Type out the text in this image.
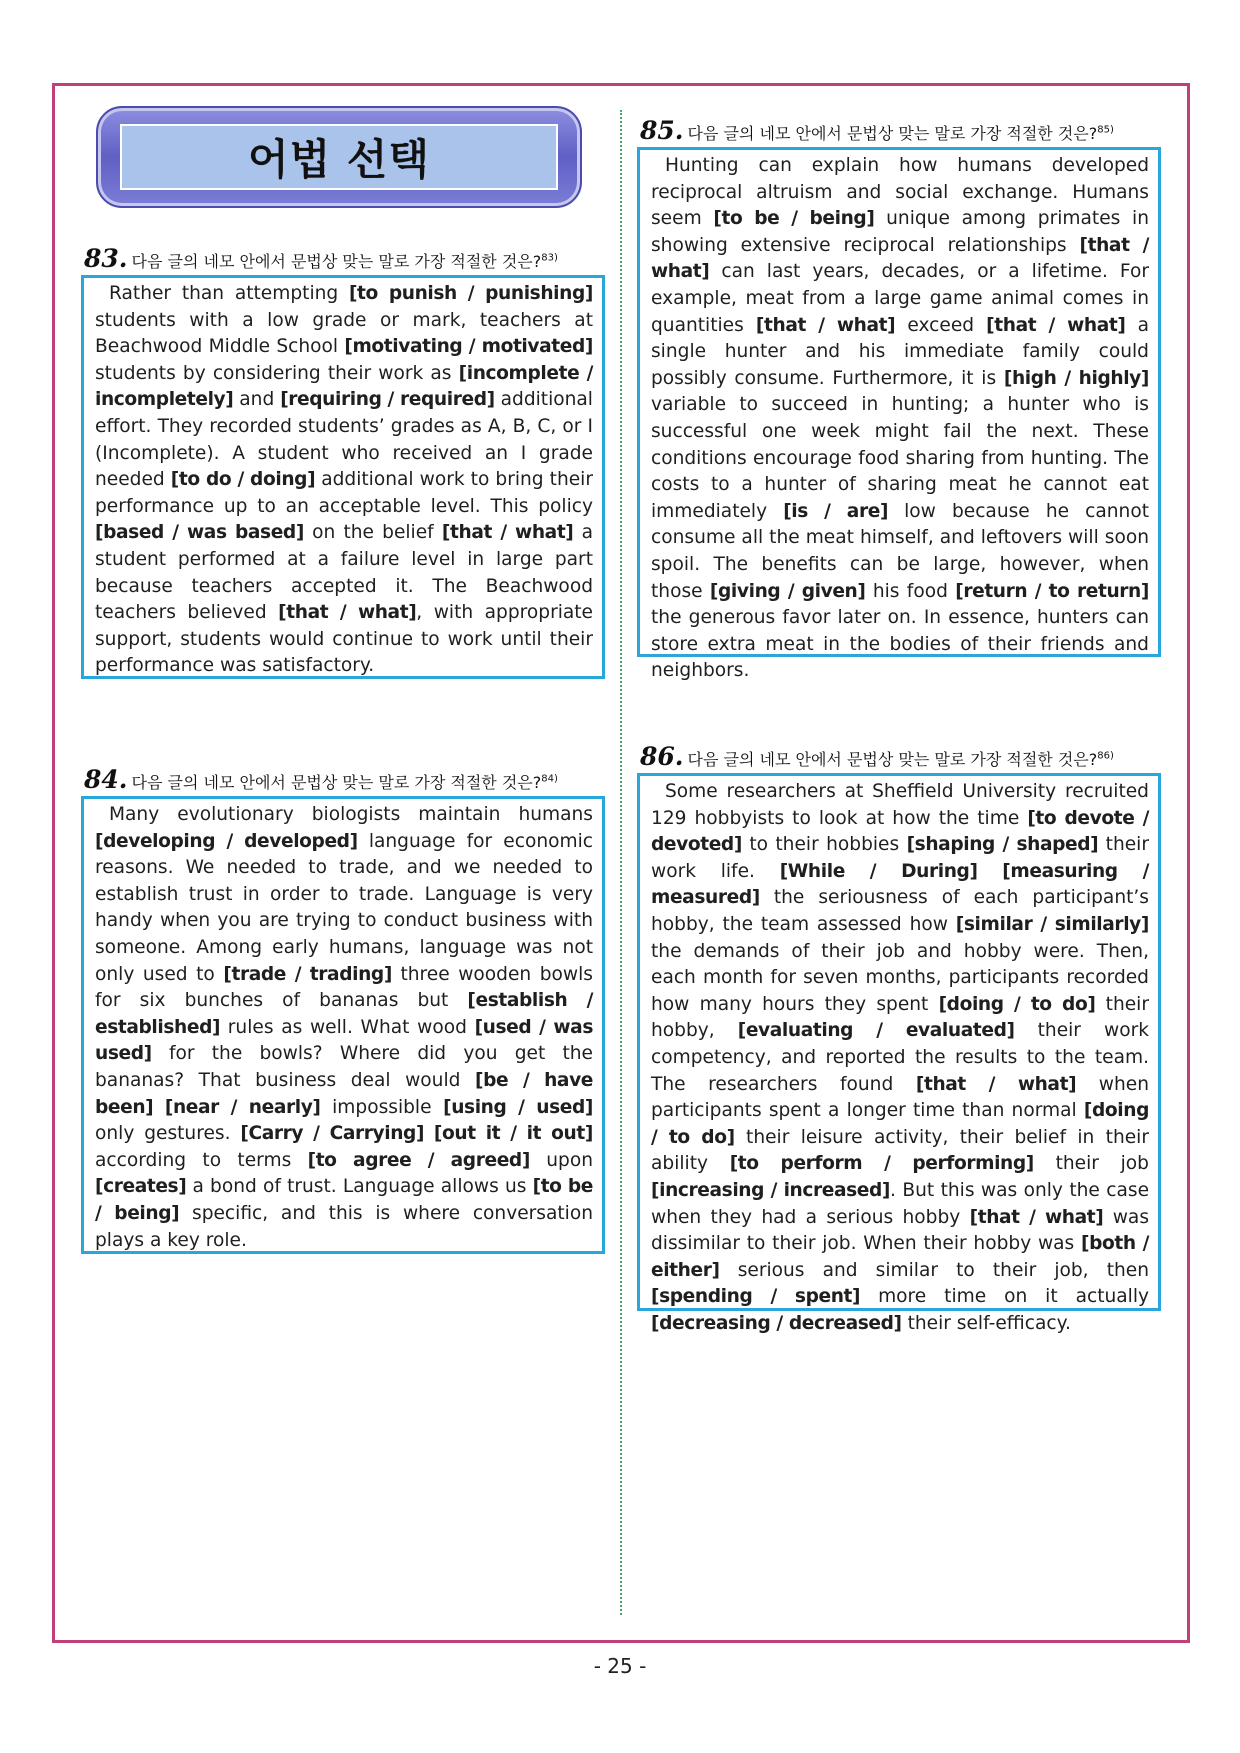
어법 선택
83. 다음 글의 네모 안에서 문법상 맞는 말로 가장 적절한 것은?$^{83)}$

Rather than attempting [to punish / punishing] students with a low grade or mark, teachers at Beachwood Middle School [motivating / motivated] students by considering their work as [incomplete / incompletely] and [requiring / required] additional effort. They recorded students’ grades as A, B, C, or I (Incomplete). A student who received an I grade needed [to do / doing] additional work to bring their performance up to an acceptable level. This policy [based / was based] on the belief [that / what] a student performed at a failure level in large part because teachers accepted it. The Beachwood teachers believed [that / what], with appropriate support, students would continue to work until their performance was satisfactory.

84. 다음 글의 네모 안에서 문법상 맞는 말로 가장 적절한 것은?$^{84)}$

Many evolutionary biologists maintain humans [developing / developed] language for economic reasons. We needed to trade, and we needed to establish trust in order to trade. Language is very handy when you are trying to conduct business with someone. Among early humans, language was not only used to [trade / trading] three wooden bowls for six bunches of bananas but [establish / established] rules as well. What wood [used / was used] for the bowls? Where did you get the bananas? That business deal would [be / have been] [near / nearly] impossible [using / used] only gestures. [Carry / Carrying] [out it / it out] according to terms [to agree / agreed] upon [creates] a bond of trust. Language allows us [to be / being] specific, and this is where conversation plays a key role.

85. 다음 글의 네모 안에서 문법상 맞는 말로 가장 적절한 것은?$^{85)}$

Hunting can explain how humans developed reciprocal altruism and social exchange. Humans seem [to be / being] unique among primates in showing extensive reciprocal relationships [that / what] can last years, decades, or a lifetime. For example, meat from a large game animal comes in quantities [that / what] exceed [that / what] a single hunter and his immediate family could possibly consume. Furthermore, it is [high / highly] variable to succeed in hunting; a hunter who is successful one week might fail the next. These conditions encourage food sharing from hunting. The costs to a hunter of sharing meat he cannot eat immediately [is / are] low because he cannot consume all the meat himself, and leftovers will soon spoil. The benefits can be large, however, when those [giving / given] his food [return / to return] the generous favor later on. In essence, hunters can store extra meat in the bodies of their friends and neighbors.

86. 다음 글의 네모 안에서 문법상 맞는 말로 가장 적절한 것은?$^{86)}$

Some researchers at Sheffield University recruited 129 hobbyists to look at how the time [to devote / devoted] to their hobbies [shaping / shaped] their work life. [While / During] [measuring / measured] the seriousness of each participant’s hobby, the team assessed how [similar / similarly] the demands of their job and hobby were. Then, each month for seven months, participants recorded how many hours they spent [doing / to do] their hobby, [evaluating / evaluated] their work competency, and reported the results to the team. The researchers found [that / what] when participants spent a longer time than normal [doing / to do] their leisure activity, their belief in their ability [to perform / performing] their job [increasing / increased]. But this was only the case when they had a serious hobby [that / what] was dissimilar to their job. When their hobby was [both / either] serious and similar to their job, then [spending / spent] more time on it actually [decreasing / decreased] their self-efficacy.

- 25 -
